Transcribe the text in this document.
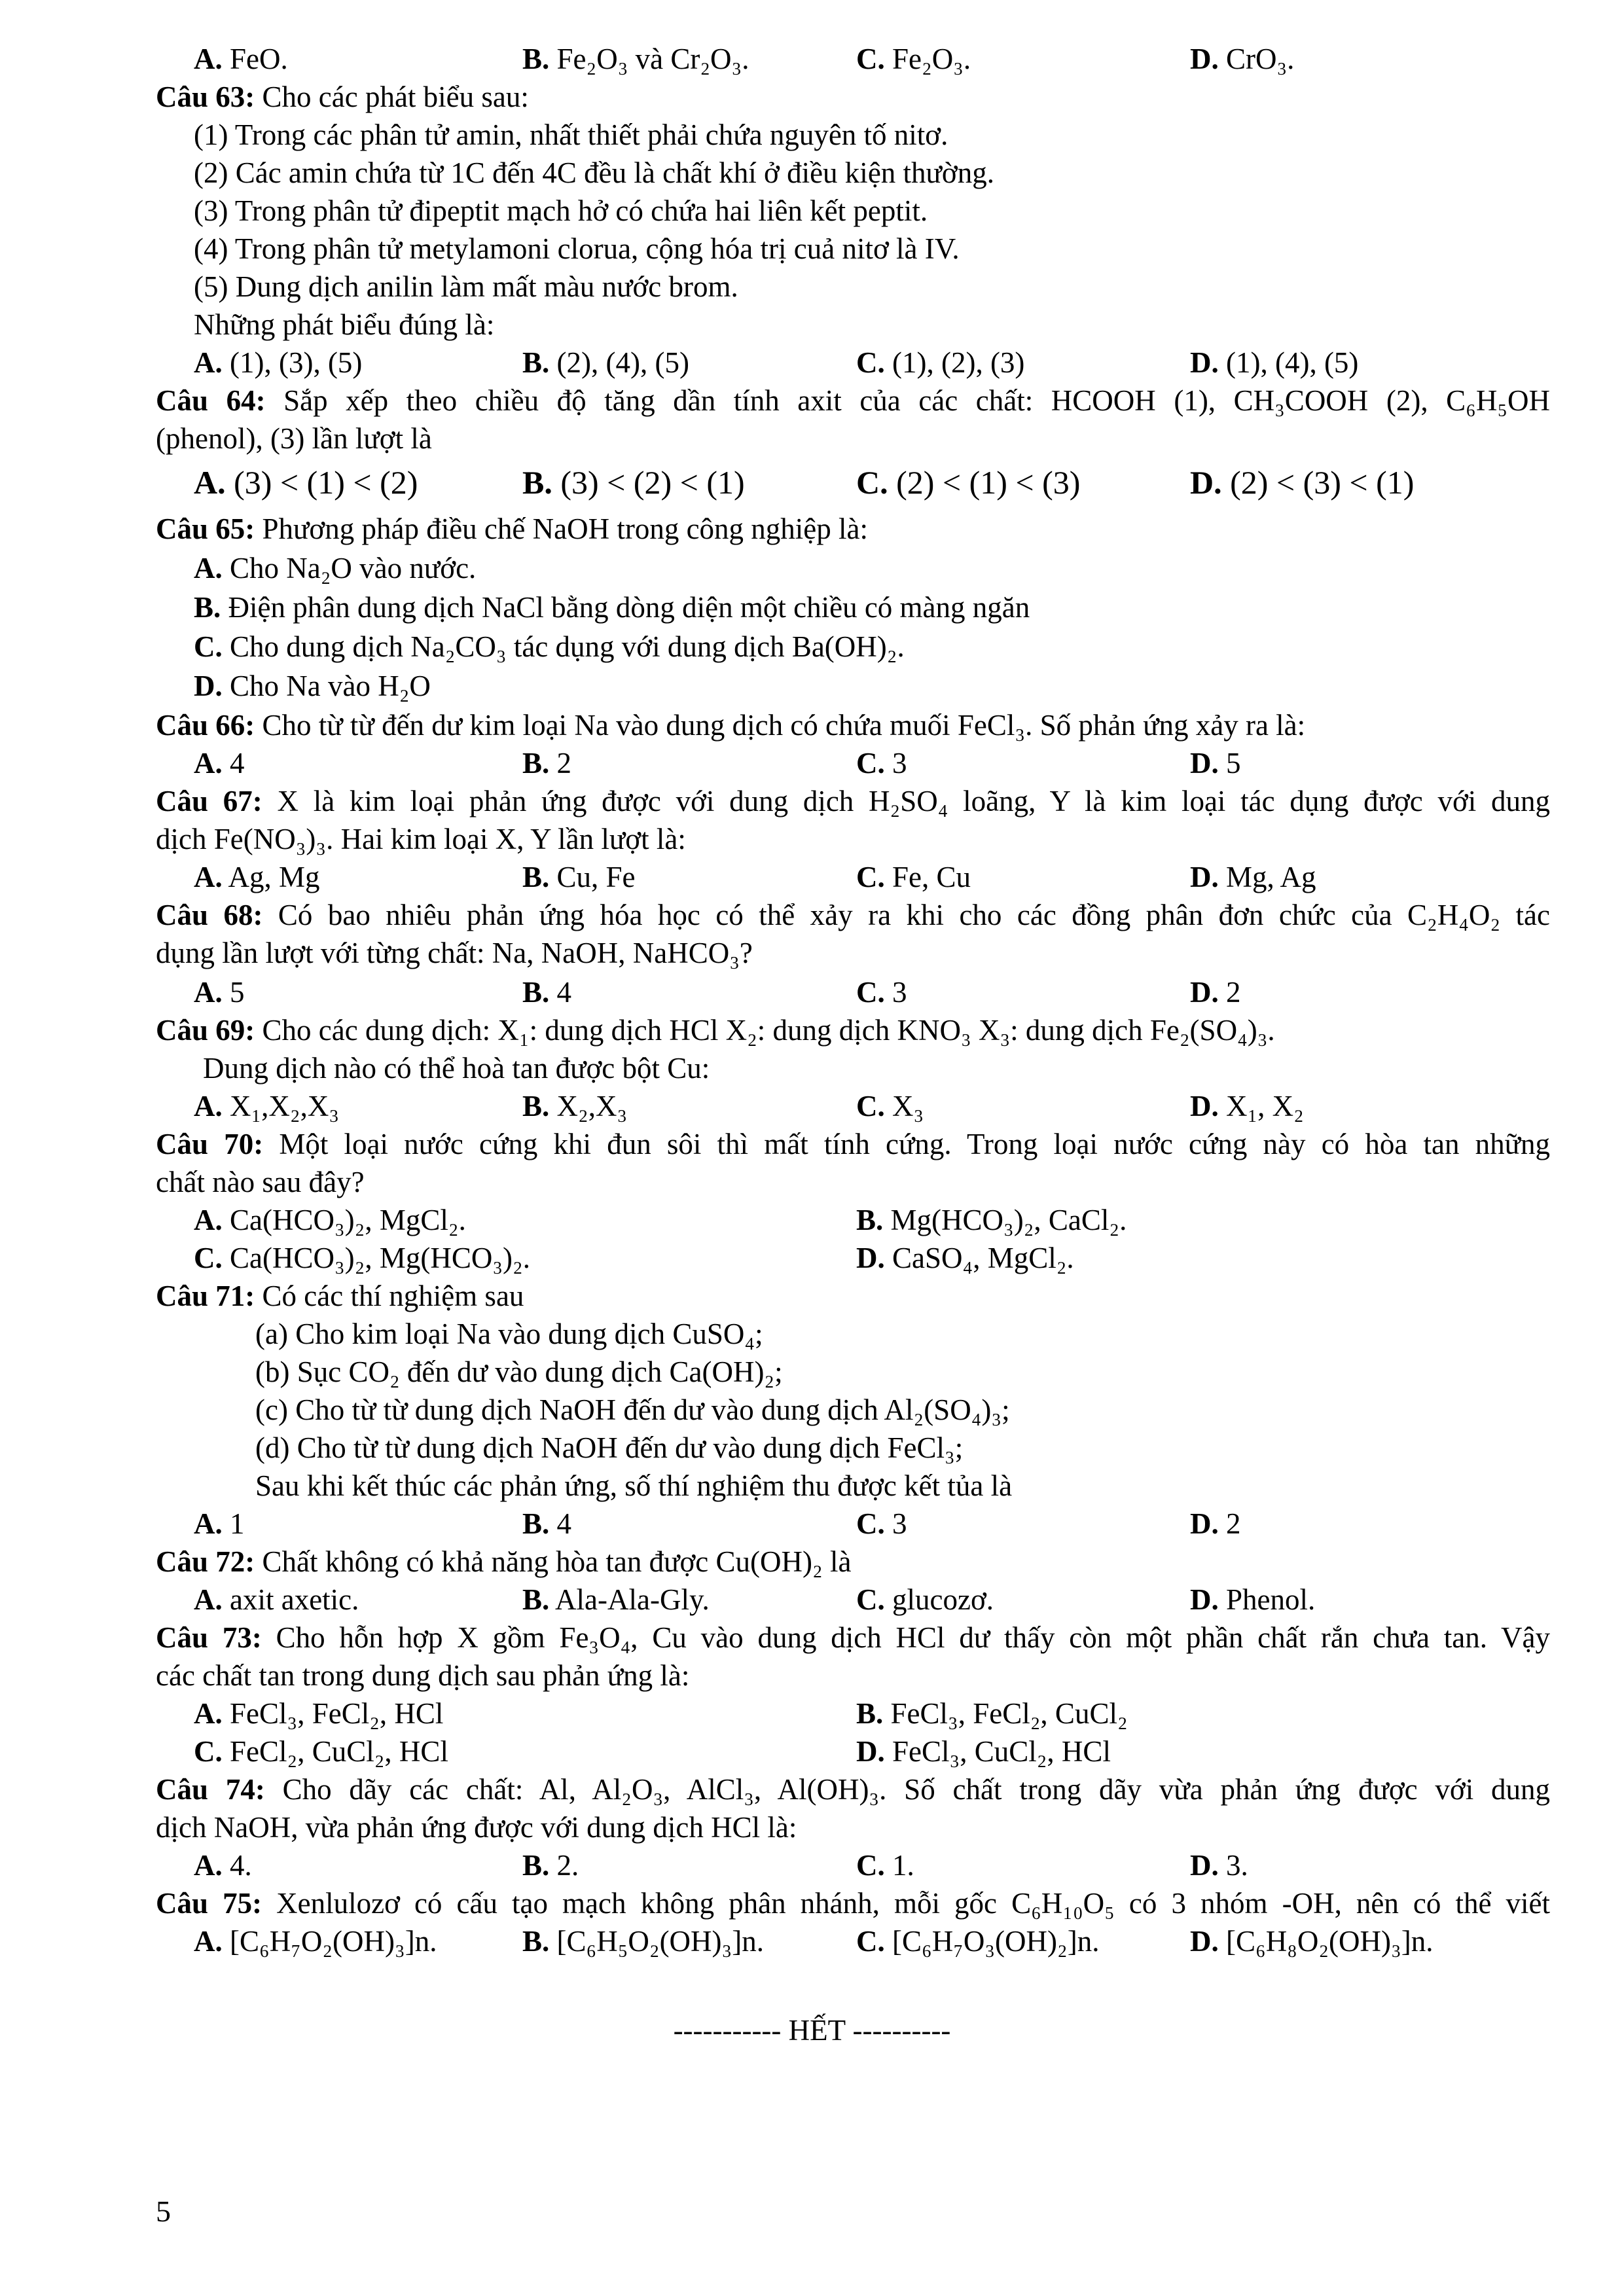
A. FeO.	B. Fe₂O₃ và Cr₂O₃.	C. Fe₂O₃.	D. CrO₃.
Câu 63: Cho các phát biểu sau:
(1) Trong các phân tử amin, nhất thiết phải chứa nguyên tố nitơ.
(2) Các amin chứa từ 1C đến 4C đều là chất khí ở điều kiện thường.
(3) Trong phân tử đipeptit mạch hở có chứa hai liên kết peptit.
(4) Trong phân tử metylamoni clorua, cộng hóa trị cuả nitơ là IV.
(5) Dung dịch anilin làm mất màu nước brom.
Những phát biểu đúng là:
A. (1), (3), (5)	B. (2), (4), (5)	C. (1), (2), (3)	D. (1), (4), (5)
Câu 64: Sắp xếp theo chiều độ tăng dần tính axit của các chất: HCOOH (1), CH₃COOH (2), C₆H₅OH
(phenol), (3) lần lượt là
A. (3) < (1) < (2)	B. (3) < (2) < (1)	C. (2) < (1) < (3)	D. (2) < (3) < (1)
Câu 65: Phương pháp điều chế NaOH trong công nghiệp là:
A. Cho Na₂O vào nước.
B. Điện phân dung dịch NaCl bằng dòng diện một chiều có màng ngăn
C. Cho dung dịch Na₂CO₃ tác dụng với dung dịch Ba(OH)₂.
D. Cho Na vào H₂O
Câu 66: Cho từ từ đến dư kim loại Na vào dung dịch có chứa muối FeCl₃. Số phản ứng xảy ra là:
A. 4	B. 2	C. 3	D. 5
Câu 67: X là kim loại phản ứng được với dung dịch H₂SO₄ loãng, Y là kim loại tác dụng được với dung
dịch Fe(NO₃)₃. Hai kim loại X, Y lần lượt là:
A. Ag, Mg	B. Cu, Fe	C. Fe, Cu	D. Mg, Ag
Câu 68: Có bao nhiêu phản ứng hóa học có thể xảy ra khi cho các đồng phân đơn chức của C₂H₄O₂ tác
dụng lần lượt với từng chất: Na, NaOH, NaHCO₃?
A. 5	B. 4	C. 3	D. 2
Câu 69: Cho các dung dịch: X₁: dung dịch HCl X₂: dung dịch KNO₃ X₃: dung dịch Fe₂(SO₄)₃.
Dung dịch nào có thể hoà tan được bột Cu:
A. X₁,X₂,X₃	B. X₂,X₃	C. X₃	D. X₁, X₂
Câu 70: Một loại nước cứng khi đun sôi thì mất tính cứng. Trong loại nước cứng này có hòa tan những
chất nào sau đây?
A. Ca(HCO₃)₂, MgCl₂.	B. Mg(HCO₃)₂, CaCl₂.
C. Ca(HCO₃)₂, Mg(HCO₃)₂.	D. CaSO₄, MgCl₂.
Câu 71: Có các thí nghiệm sau
(a) Cho kim loại Na vào dung dịch CuSO₄;
(b) Sục CO₂ đến dư vào dung dịch Ca(OH)₂;
(c) Cho từ từ dung dịch NaOH đến dư vào dung dịch Al₂(SO₄)₃;
(d) Cho từ từ dung dịch NaOH đến dư vào dung dịch FeCl₃;
Sau khi kết thúc các phản ứng, số thí nghiệm thu được kết tủa là
A. 1	B. 4	C. 3	D. 2
Câu 72: Chất không có khả năng hòa tan được Cu(OH)₂ là
A. axit axetic.	B. Ala-Ala-Gly.	C. glucozơ.	D. Phenol.
Câu 73: Cho hỗn hợp X gồm Fe₃O₄, Cu vào dung dịch HCl dư thấy còn một phần chất rắn chưa tan. Vậy
các chất tan trong dung dịch sau phản ứng là:
A. FeCl₃, FeCl₂, HCl	B. FeCl₃, FeCl₂, CuCl₂
C. FeCl₂, CuCl₂, HCl	D. FeCl₃, CuCl₂, HCl
Câu 74: Cho dãy các chất: Al, Al₂O₃, AlCl₃, Al(OH)₃. Số chất trong dãy vừa phản ứng được với dung
dịch NaOH, vừa phản ứng được với dung dịch HCl là:
A. 4.	B. 2.	C. 1.	D. 3.
Câu 75: Xenlulozơ có cấu tạo mạch không phân nhánh, mỗi gốc C₆H₁₀O₅ có 3 nhóm -OH, nên có thể viết
A. [C₆H₇O₂(OH)₃]n.	B. [C₆H₅O₂(OH)₃]n.	C. [C₆H₇O₃(OH)₂]n.	D. [C₆H₈O₂(OH)₃]n.
----------- HẾT ----------
5
